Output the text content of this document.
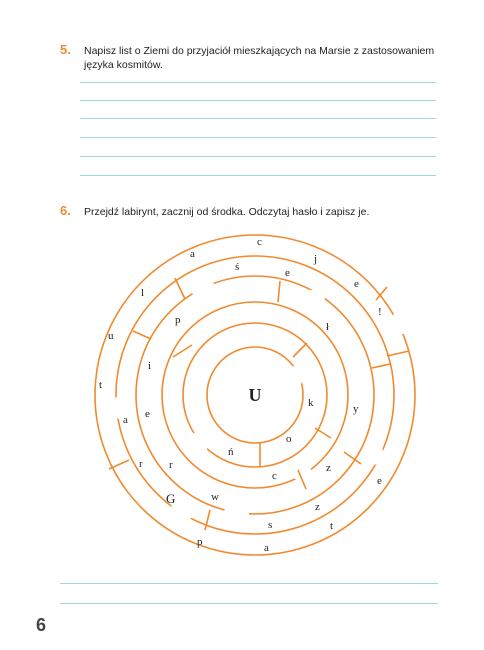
5. Napisz list o Ziemi do przyjaciół mieszkających na Marsie z zastosowaniem
języka kosmitów.
6. Przejdź labirynt, zacznij od środka. Odczytaj hasło i zapisz je.
c
j
a
ś	e
e
l
!
p
ł
u
i
t
a e
k	y
o
ń
r r	z
c	e
G	w
z
s	t
p	a
U
6
